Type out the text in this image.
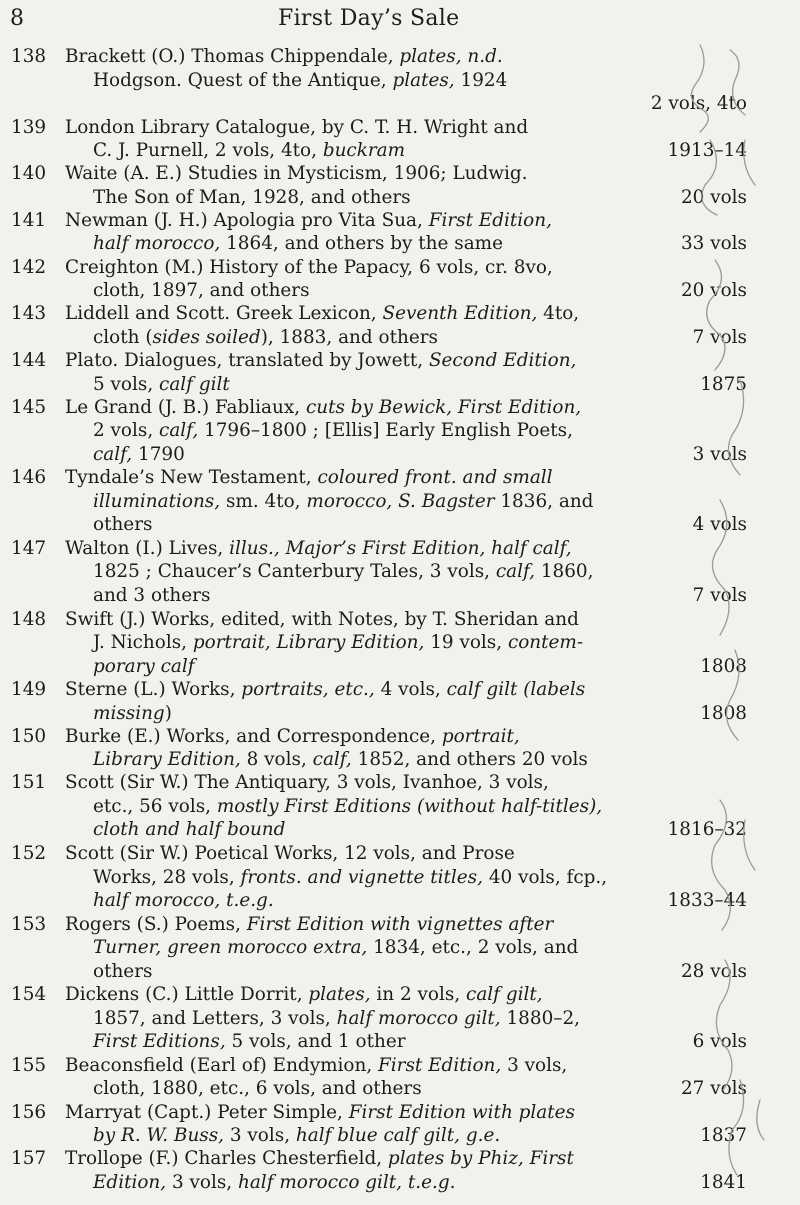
8	First Day’s Sale
138 Brackett (O.) Thomas Chippendale, plates, n.d.
Hodgson. Quest of the Antique, plates, 1924
2 vols, 4to
139 London Library Catalogue, by C. T. H. Wright and
C. J. Purnell, 2 vols, 4to, buckram	1913–14
140 Waite (A. E.) Studies in Mysticism, 1906; Ludwig.
The Son of Man, 1928, and others	20 vols
141 Newman (J. H.) Apologia pro Vita Sua, First Edition,
half morocco, 1864, and others by the same	33 vols
142 Creighton (M.) History of the Papacy, 6 vols, cr. 8vo,
cloth, 1897, and others	20 vols
143 Liddell and Scott. Greek Lexicon, Seventh Edition, 4to,
cloth (sides soiled), 1883, and others	7 vols
144 Plato. Dialogues, translated by Jowett, Second Edition,
5 vols, calf gilt	1875
145 Le Grand (J. B.) Fabliaux, cuts by Bewick, First Edition,
2 vols, calf, 1796–1800 ; [Ellis] Early English Poets,
calf, 1790	3 vols
146 Tyndale’s New Testament, coloured front. and small
illuminations, sm. 4to, morocco, S. Bagster 1836, and
others	4 vols
147 Walton (I.) Lives, illus., Major’s First Edition, half calf,
1825 ; Chaucer’s Canterbury Tales, 3 vols, calf, 1860,
and 3 others	7 vols
148 Swift (J.) Works, edited, with Notes, by T. Sheridan and
J. Nichols, portrait, Library Edition, 19 vols, contem-
porary calf	1808
149 Sterne (L.) Works, portraits, etc., 4 vols, calf gilt (labels
missing)	1808
150 Burke (E.) Works, and Correspondence, portrait,
Library Edition, 8 vols, calf, 1852, and others 20 vols
151 Scott (Sir W.) The Antiquary, 3 vols, Ivanhoe, 3 vols,
etc., 56 vols, mostly First Editions (without half-titles),
cloth and half bound	1816–32
152 Scott (Sir W.) Poetical Works, 12 vols, and Prose
Works, 28 vols, fronts. and vignette titles, 40 vols, fcp.,
half morocco, t.e.g.	1833–44
153 Rogers (S.) Poems, First Edition with vignettes after
Turner, green morocco extra, 1834, etc., 2 vols, and
others	28 vols
154 Dickens (C.) Little Dorrit, plates, in 2 vols, calf gilt,
1857, and Letters, 3 vols, half morocco gilt, 1880–2,
First Editions, 5 vols, and 1 other	6 vols
155 Beaconsfield (Earl of) Endymion, First Edition, 3 vols,
cloth, 1880, etc., 6 vols, and others	27 vols
156 Marryat (Capt.) Peter Simple, First Edition with plates
by R. W. Buss, 3 vols, half blue calf gilt, g.e.	1837
157 Trollope (F.) Charles Chesterfield, plates by Phiz, First
Edition, 3 vols, half morocco gilt, t.e.g.	1841
